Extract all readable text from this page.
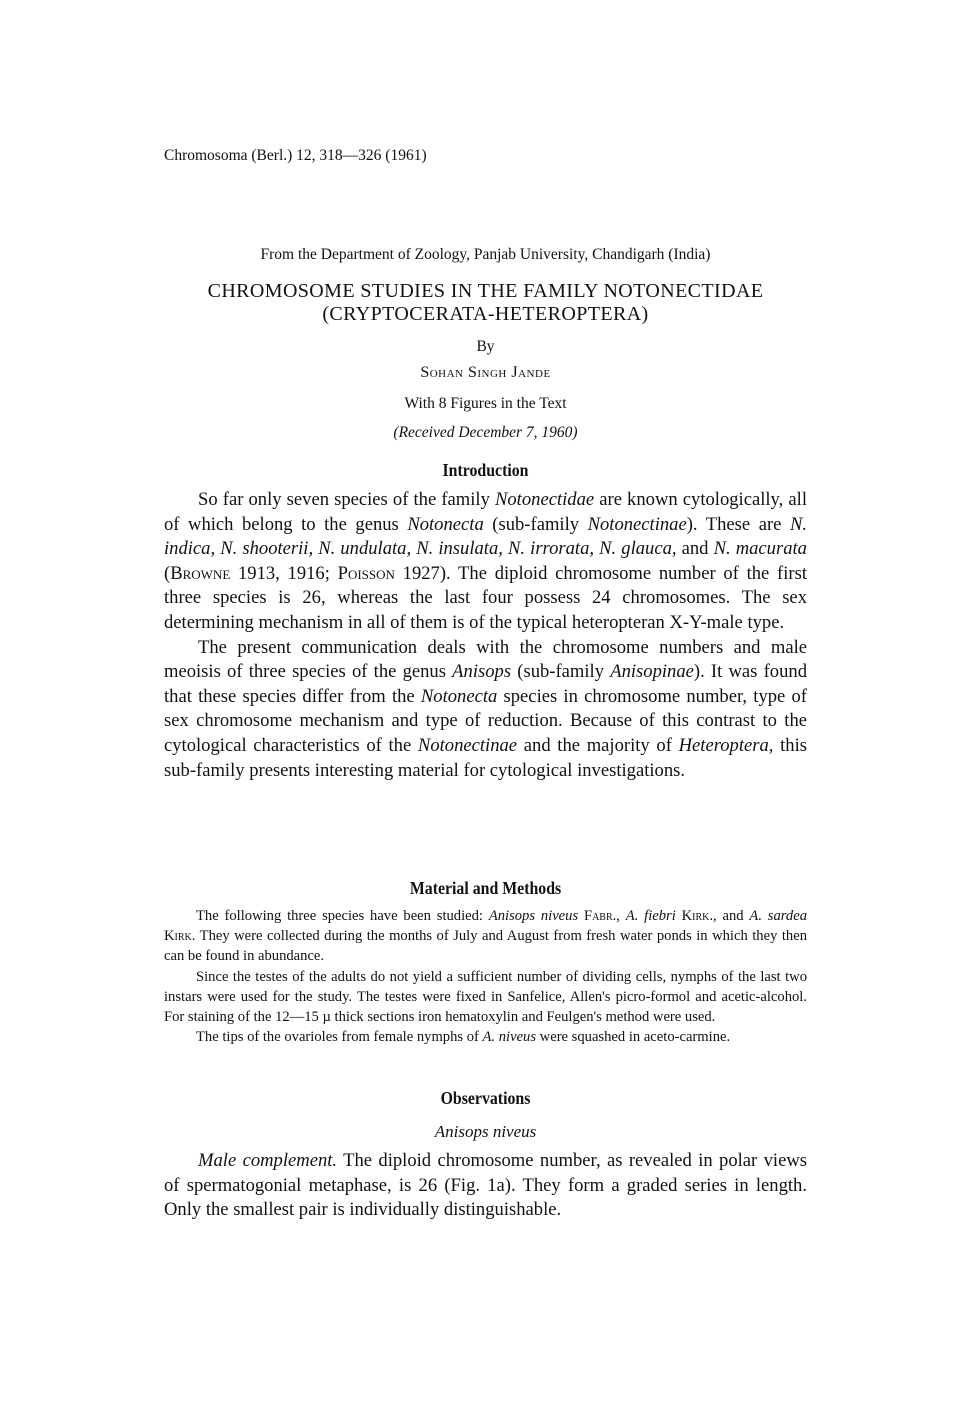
Chromosoma (Berl.) 12, 318—326 (1961)
From the Department of Zoology, Panjab University, Chandigarh (India)
CHROMOSOME STUDIES IN THE FAMILY NOTONECTIDAE
(CRYPTOCERATA-HETEROPTERA)
By
Sohan Singh Jande
With 8 Figures in the Text
(Received December 7, 1960)
Introduction

So far only seven species of the family Notonectidae are known cytologically, all of which belong to the genus Notonecta (sub-family Notonectinae). These are N. indica, N. shooterii, N. undulata, N. insulata, N. irrorata, N. glauca, and N. macurata (Browne 1913, 1916; Poisson 1927). The diploid chromosome number of the first three species is 26, whereas the last four possess 24 chromosomes. The sex determining mechanism in all of them is of the typical heteropteran X-Y-male type.

The present communication deals with the chromosome numbers and male meoisis of three species of the genus Anisops (sub-family Anisopinae). It was found that these species differ from the Notonecta species in chromosome number, type of sex chromosome mechanism and type of reduction. Because of this contrast to the cytological characteristics of the Notonectinae and the majority of Heteroptera, this sub-family presents interesting material for cytological investigations.

Material and Methods

The following three species have been studied: Anisops niveus Fabr., A. fiebri Kirk., and A. sardea Kirk. They were collected during the months of July and August from fresh water ponds in which they then can be found in abundance.

Since the testes of the adults do not yield a sufficient number of dividing cells, nymphs of the last two instars were used for the study. The testes were fixed in Sanfelice, Allen's picro-formol and acetic-alcohol. For staining of the 12—15 µ thick sections iron hematoxylin and Feulgen's method were used.

The tips of the ovarioles from female nymphs of A. niveus were squashed in aceto-carmine.

Observations
Anisops niveus

Male complement. The diploid chromosome number, as revealed in polar views of spermatogonial metaphase, is 26 (Fig. 1a). They form a graded series in length. Only the smallest pair is individually distinguishable.
